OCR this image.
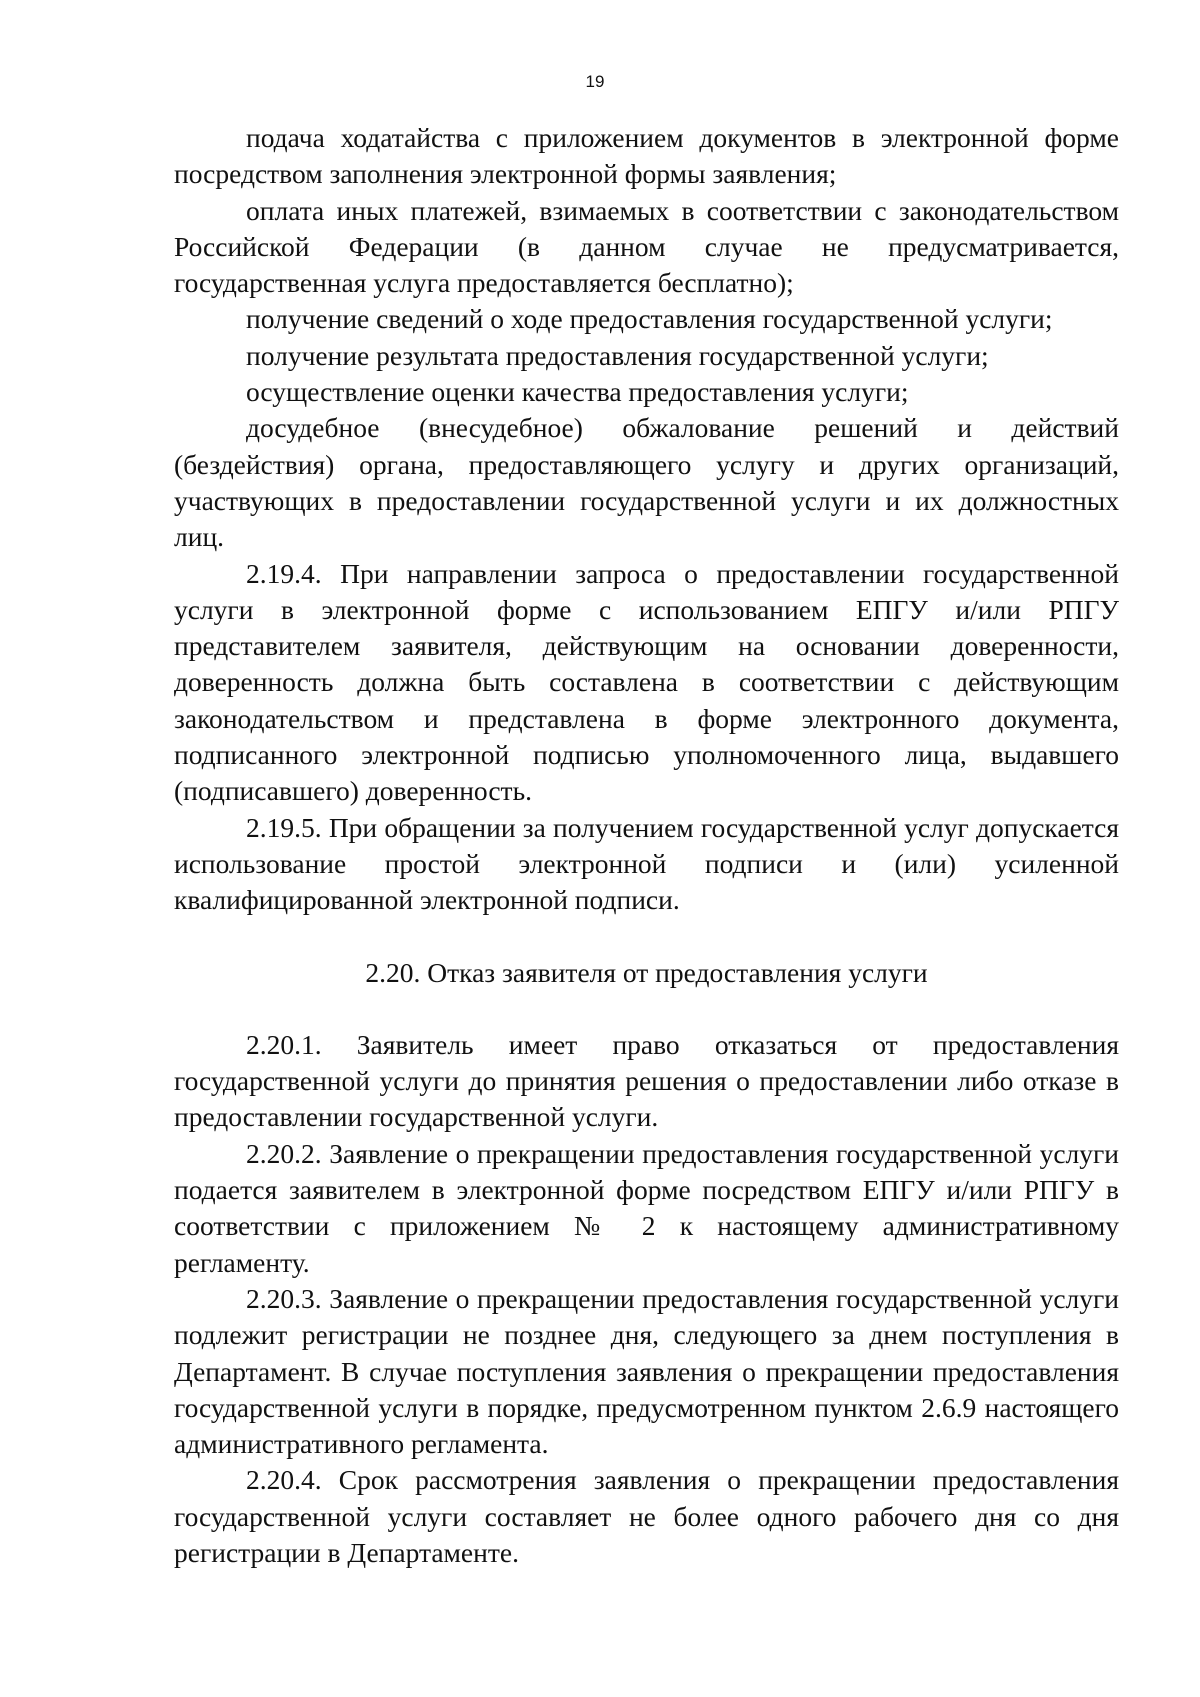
19

подача ходатайства с приложением документов в электронной форме посредством заполнения электронной формы заявления;

оплата иных платежей, взимаемых в соответствии с законодательством Российской Федерации (в данном случае не предусматривается, государственная услуга предоставляется бесплатно);

получение сведений о ходе предоставления государственной услуги;

получение результата предоставления государственной услуги;

осуществление оценки качества предоставления услуги;

досудебное (внесудебное) обжалование решений и действий (бездействия) органа, предоставляющего услугу и других организаций, участвующих в предоставлении государственной услуги и их должностных лиц.

2.19.4. При направлении запроса о предоставлении государственной услуги в электронной форме с использованием ЕПГУ и/или РПГУ представителем заявителя, действующим на основании доверенности, доверенность должна быть составлена в соответствии с действующим законодательством и представлена в форме электронного документа, подписанного электронной подписью уполномоченного лица, выдавшего (подписавшего) доверенность.

2.19.5. При обращении за получением государственной услуг допускается использование простой электронной подписи и (или) усиленной квалифицированной электронной подписи.

2.20. Отказ заявителя от предоставления услуги

2.20.1. Заявитель имеет право отказаться от предоставления государственной услуги до принятия решения о предоставлении либо отказе в предоставлении государственной услуги.

2.20.2. Заявление о прекращении предоставления государственной услуги подается заявителем в электронной форме посредством ЕПГУ и/или РПГУ в соответствии с приложением № 2 к настоящему административному регламенту.

2.20.3. Заявление о прекращении предоставления государственной услуги подлежит регистрации не позднее дня, следующего за днем поступления в Департамент. В случае поступления заявления о прекращении предоставления государственной услуги в порядке, предусмотренном пунктом 2.6.9 настоящего административного регламента.

2.20.4. Срок рассмотрения заявления о прекращении предоставления государственной услуги составляет не более одного рабочего дня со дня регистрации в Департаменте.
